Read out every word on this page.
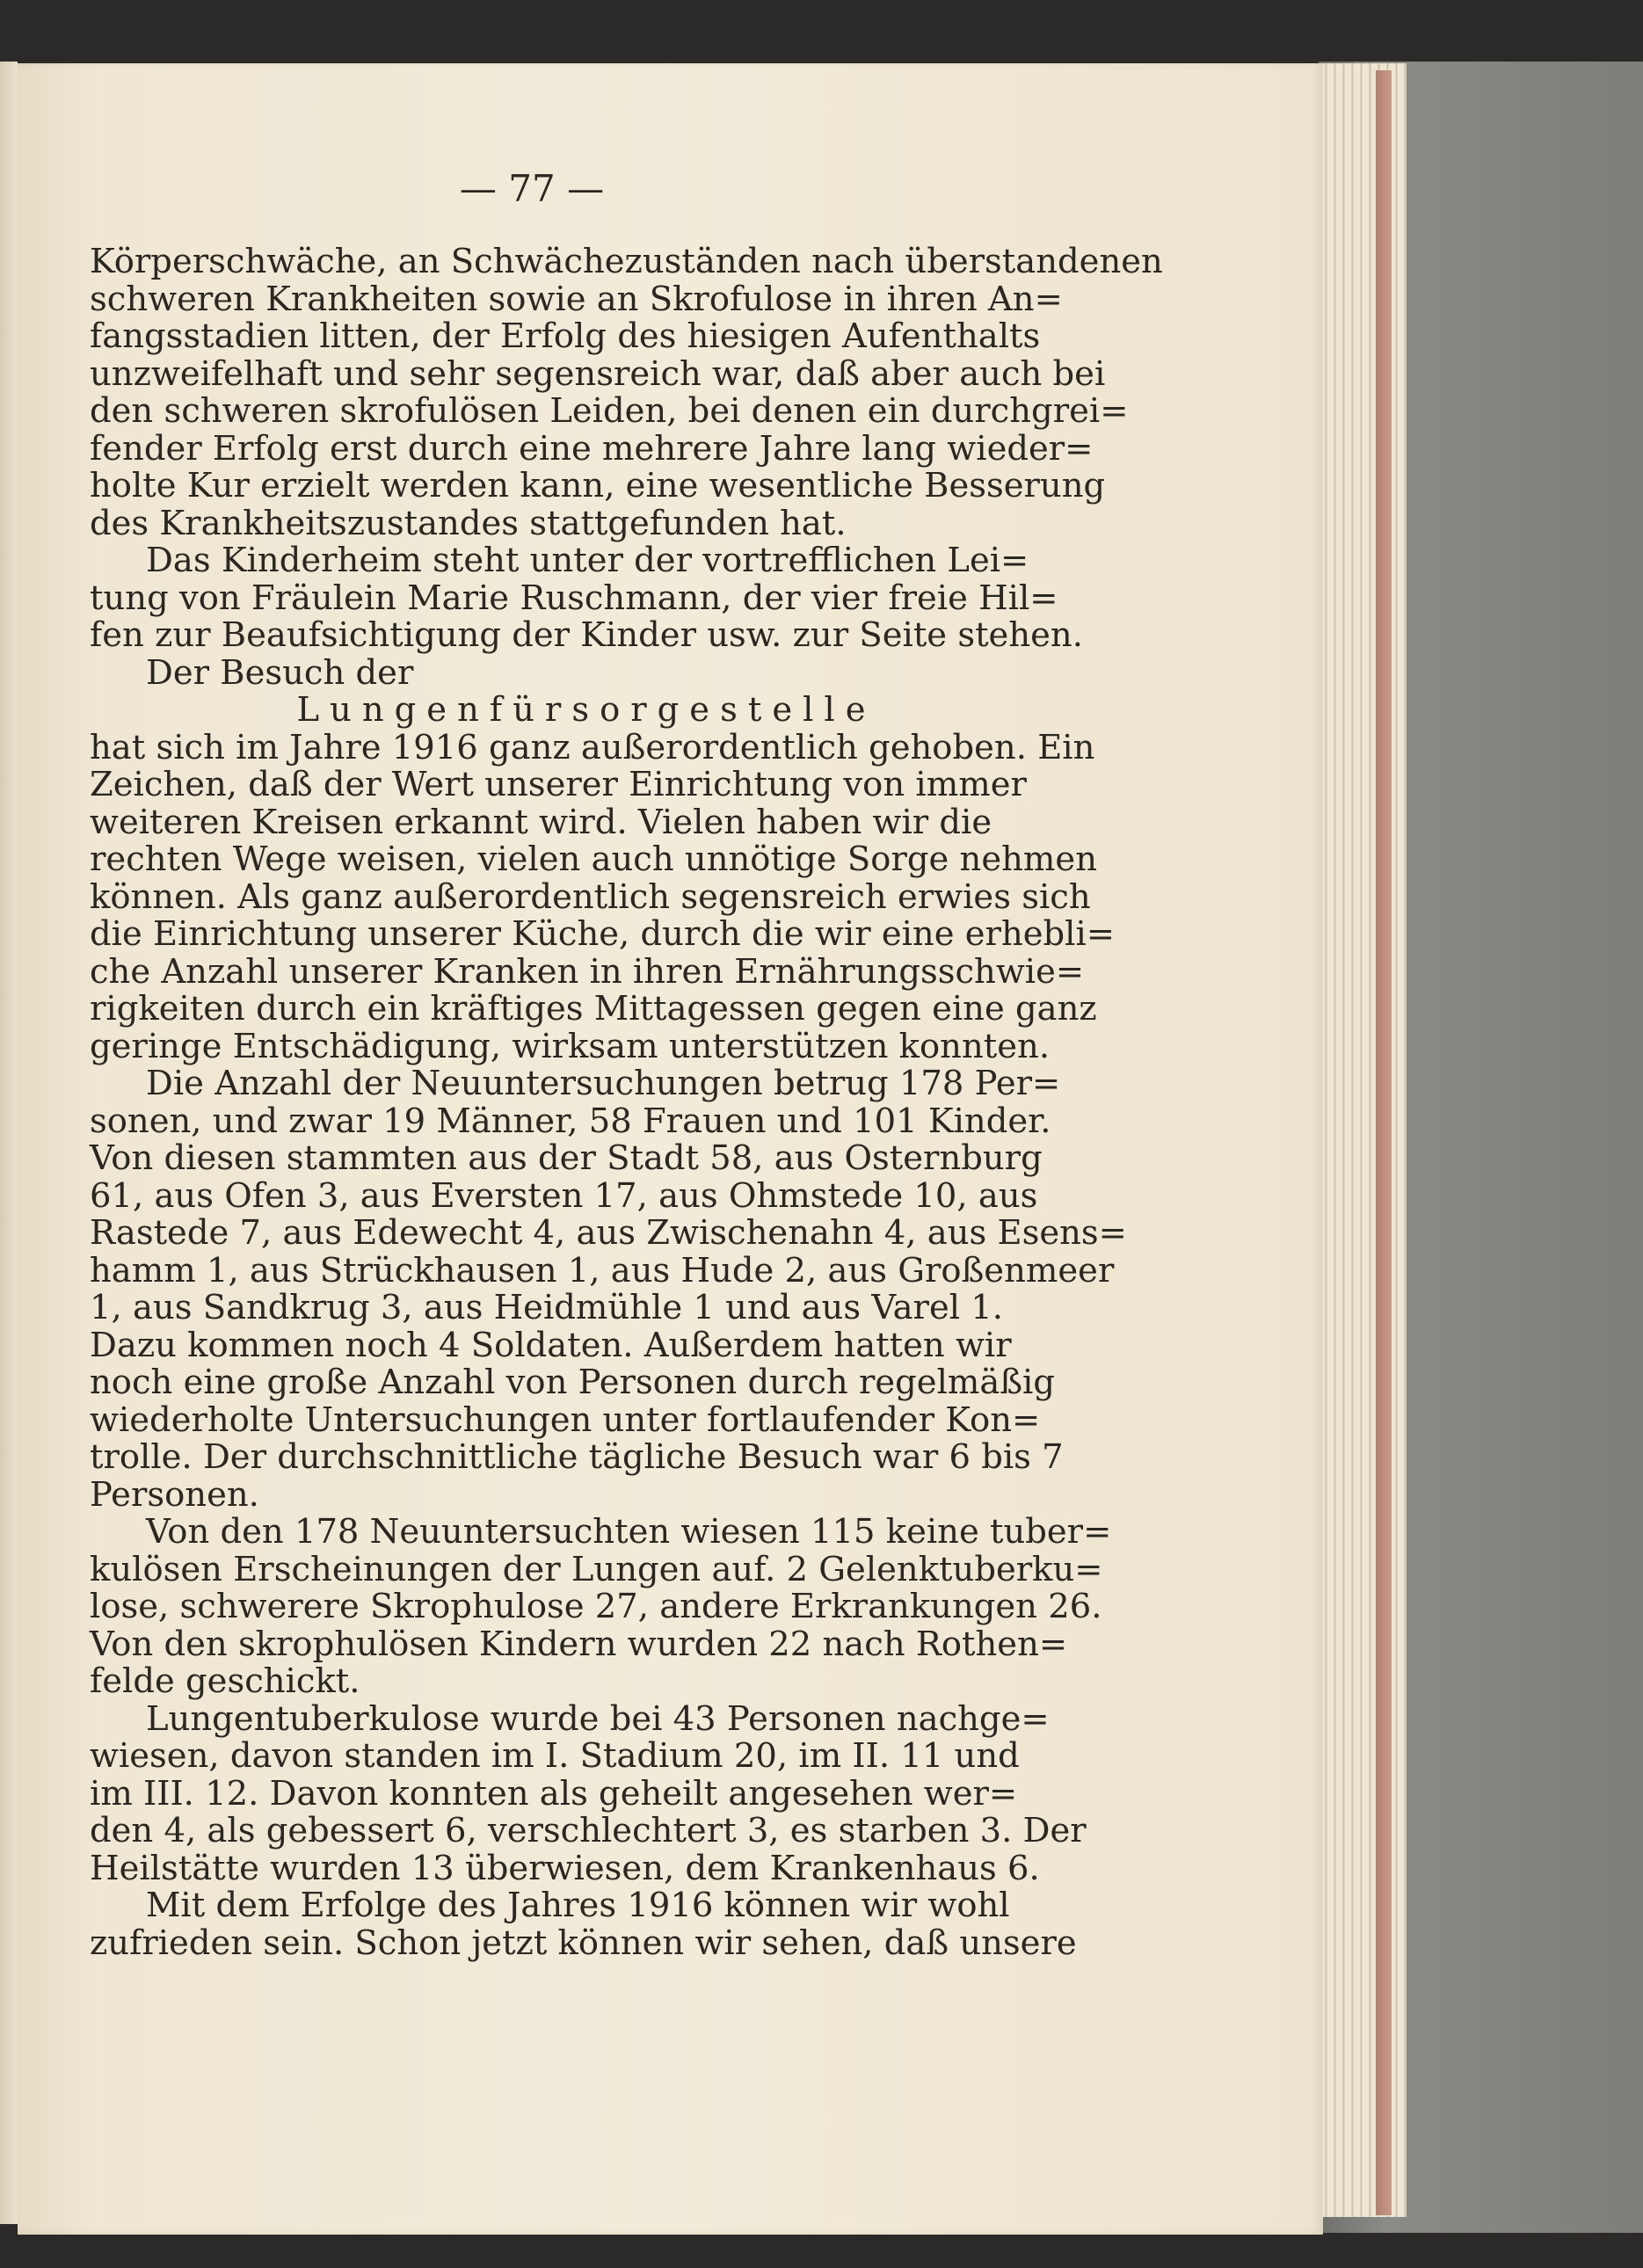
— 77 —
Körperschwäche, an Schwächezuständen nach überstandenen
schweren Krankheiten sowie an Skrofulose in ihren An=
fangsstadien litten, der Erfolg des hiesigen Aufenthalts
unzweifelhaft und sehr segensreich war, daß aber auch bei
den schweren skrofulösen Leiden, bei denen ein durchgrei=
fender Erfolg erst durch eine mehrere Jahre lang wieder=
holte Kur erzielt werden kann, eine wesentliche Besserung
des Krankheitszustandes stattgefunden hat.
Das Kinderheim steht unter der vortrefflichen Lei=
tung von Fräulein Marie Ruschmann, der vier freie Hil=
fen zur Beaufsichtigung der Kinder usw. zur Seite stehen.
Der Besuch der
Lungenfürsorgestelle
hat sich im Jahre 1916 ganz außerordentlich gehoben. Ein
Zeichen, daß der Wert unserer Einrichtung von immer
weiteren Kreisen erkannt wird. Vielen haben wir die
rechten Wege weisen, vielen auch unnötige Sorge nehmen
können. Als ganz außerordentlich segensreich erwies sich
die Einrichtung unserer Küche, durch die wir eine erhebli=
che Anzahl unserer Kranken in ihren Ernährungsschwie=
rigkeiten durch ein kräftiges Mittagessen gegen eine ganz
geringe Entschädigung, wirksam unterstützen konnten.
Die Anzahl der Neuuntersuchungen betrug 178 Per=
sonen, und zwar 19 Männer, 58 Frauen und 101 Kinder.
Von diesen stammten aus der Stadt 58, aus Osternburg
61, aus Ofen 3, aus Eversten 17, aus Ohmstede 10, aus
Rastede 7, aus Edewecht 4, aus Zwischenahn 4, aus Esens=
hamm 1, aus Strückhausen 1, aus Hude 2, aus Großenmeer
1, aus Sandkrug 3, aus Heidmühle 1 und aus Varel 1.
Dazu kommen noch 4 Soldaten. Außerdem hatten wir
noch eine große Anzahl von Personen durch regelmäßig
wiederholte Untersuchungen unter fortlaufender Kon=
trolle. Der durchschnittliche tägliche Besuch war 6 bis 7
Personen.
Von den 178 Neuuntersuchten wiesen 115 keine tuber=
kulösen Erscheinungen der Lungen auf. 2 Gelenktuberku=
lose, schwerere Skrophulose 27, andere Erkrankungen 26.
Von den skrophulösen Kindern wurden 22 nach Rothen=
felde geschickt.
Lungentuberkulose wurde bei 43 Personen nachge=
wiesen, davon standen im I. Stadium 20, im II. 11 und
im III. 12. Davon konnten als geheilt angesehen wer=
den 4, als gebessert 6, verschlechtert 3, es starben 3. Der
Heilstätte wurden 13 überwiesen, dem Krankenhaus 6.
Mit dem Erfolge des Jahres 1916 können wir wohl
zufrieden sein. Schon jetzt können wir sehen, daß unsere
